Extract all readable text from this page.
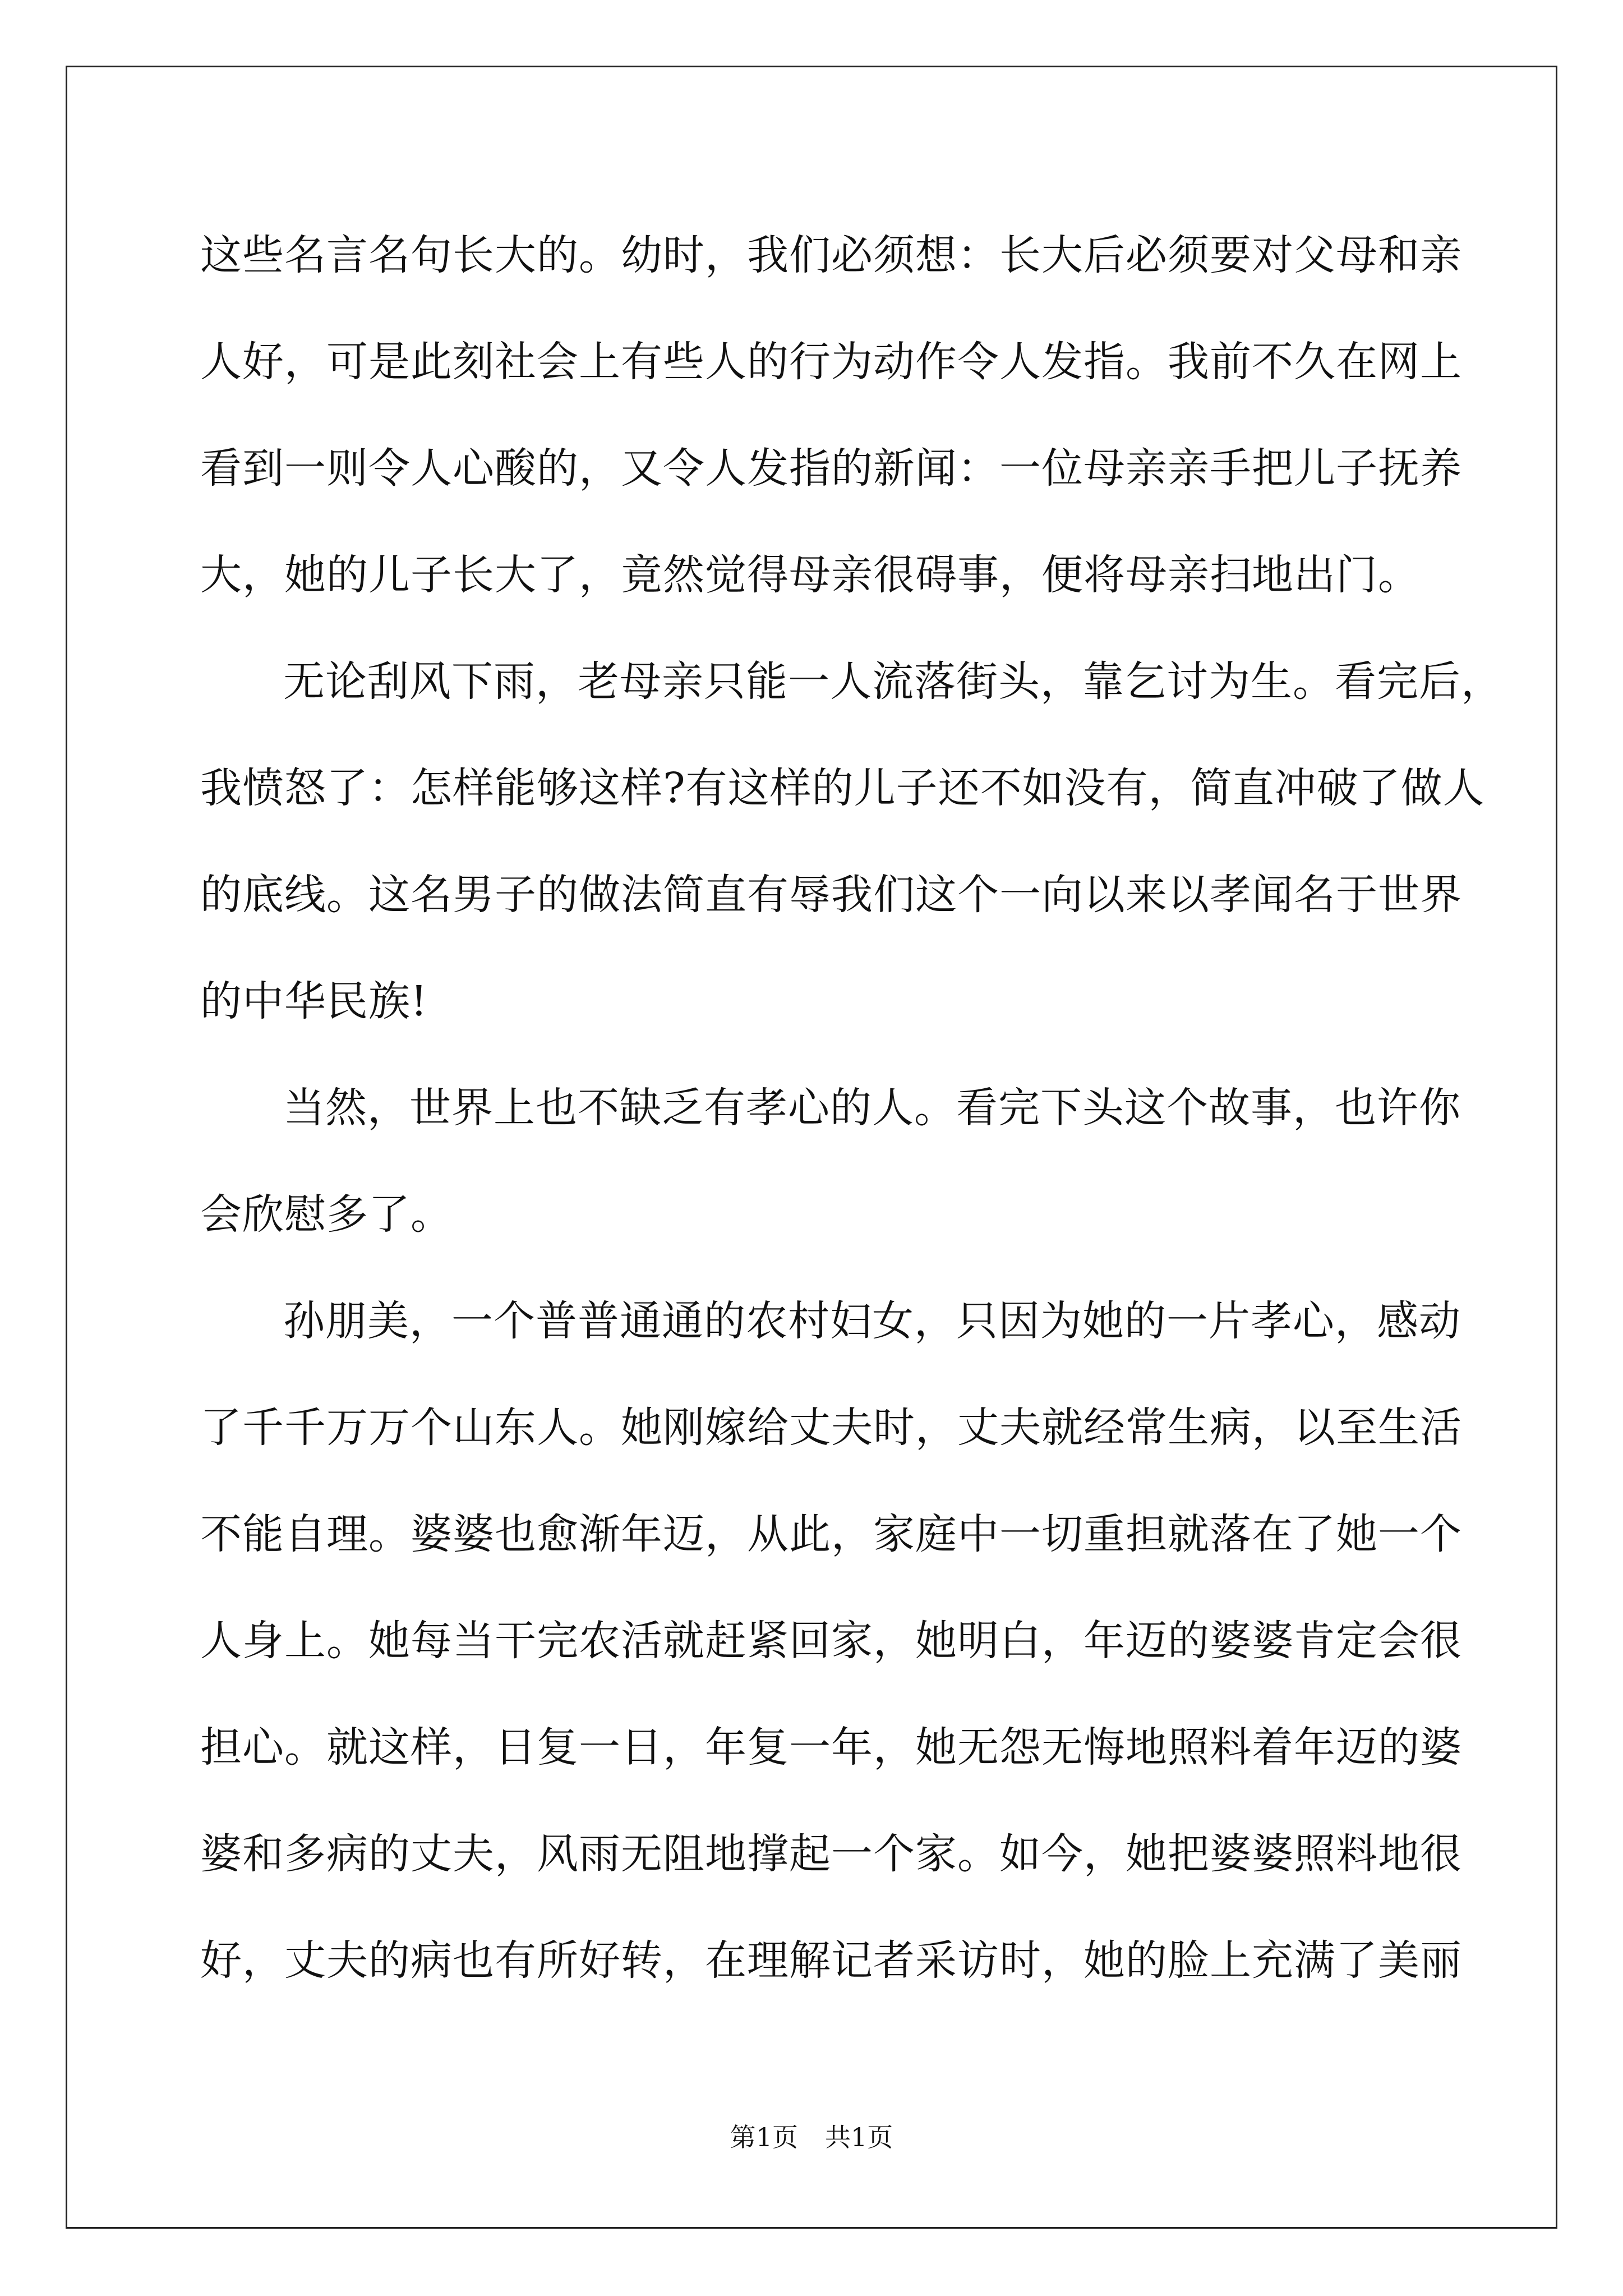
这些名言名句长大的。幼时，我们必须想：长大后必须要对父母和亲
人好，可是此刻社会上有些人的行为动作令人发指。我前不久在网上
看到一则令人心酸的，又令人发指的新闻：一位母亲亲手把儿子抚养
大，她的儿子长大了，竟然觉得母亲很碍事，便将母亲扫地出门。
无论刮风下雨，老母亲只能一人流落街头，靠乞讨为生。看完后，
我愤怒了：怎样能够这样?有这样的儿子还不如没有，简直冲破了做人
的底线。这名男子的做法简直有辱我们这个一向以来以孝闻名于世界
的中华民族!
当然，世界上也不缺乏有孝心的人。看完下头这个故事，也许你
会欣慰多了。
孙朋美，一个普普通通的农村妇女，只因为她的一片孝心，感动
了千千万万个山东人。她刚嫁给丈夫时，丈夫就经常生病，以至生活
不能自理。婆婆也愈渐年迈，从此，家庭中一切重担就落在了她一个
人身上。她每当干完农活就赶紧回家，她明白，年迈的婆婆肯定会很
担心。就这样，日复一日，年复一年，她无怨无悔地照料着年迈的婆
婆和多病的丈夫，风雨无阻地撑起一个家。如今，她把婆婆照料地很
好，丈夫的病也有所好转，在理解记者采访时，她的脸上充满了美丽
第1页 共1页
